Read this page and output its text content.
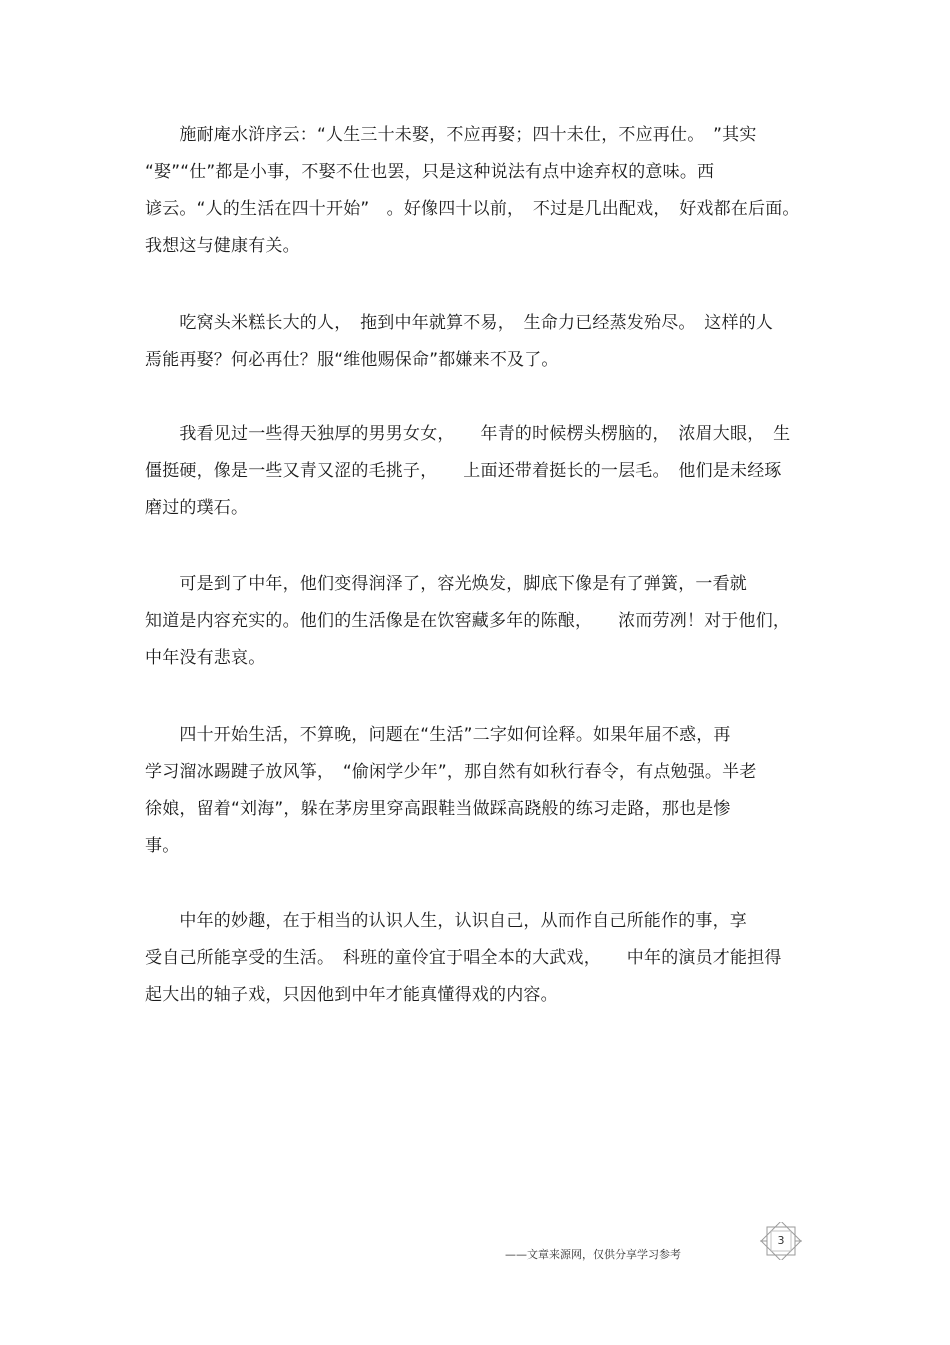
　　施耐庵水浒序云：“人生三十未娶，不应再娶；四十未仕，不应再仕。　”其实
“娶”“仕”都是小事，不娶不仕也罢，只是这种说法有点中途弃权的意味。西
谚云。“人的生活在四十开始”　。好像四十以前，　不过是几出配戏，　好戏都在后面。
我想这与健康有关。
　　吃窝头米糕长大的人，　拖到中年就算不易，　生命力已经蒸发殆尽。　这样的人
焉能再娶？何必再仕？服“维他赐保命”都嫌来不及了。
　　我看见过一些得天独厚的男男女女，　　年青的时候楞头楞脑的，　浓眉大眼，　生
僵挺硬，像是一些又青又涩的毛挑子，　　上面还带着挺长的一层毛。　他们是未经琢
磨过的璞石。
　　可是到了中年，他们变得润泽了，容光焕发，脚底下像是有了弹簧，一看就
知道是内容充实的。他们的生活像是在饮窖藏多年的陈酿，　　浓而劳冽！对于他们，
中年没有悲哀。
　　四十开始生活，不算晚，问题在“生活”二字如何诠释。如果年届不惑，再
学习溜冰踢踺子放风筝，　“偷闲学少年”，那自然有如秋行春令，有点勉强。半老
徐娘，留着“刘海”，躲在茅房里穿高跟鞋当做踩高跷般的练习走路，那也是惨
事。
　　中年的妙趣，在于相当的认识人生，认识自己，从而作自己所能作的事，享
受自己所能享受的生活。　科班的童伶宜于唱全本的大武戏，　　中年的演员才能担得
起大出的轴子戏，只因他到中年才能真懂得戏的内容。
——文章来源网，仅供分享学习参考
3
